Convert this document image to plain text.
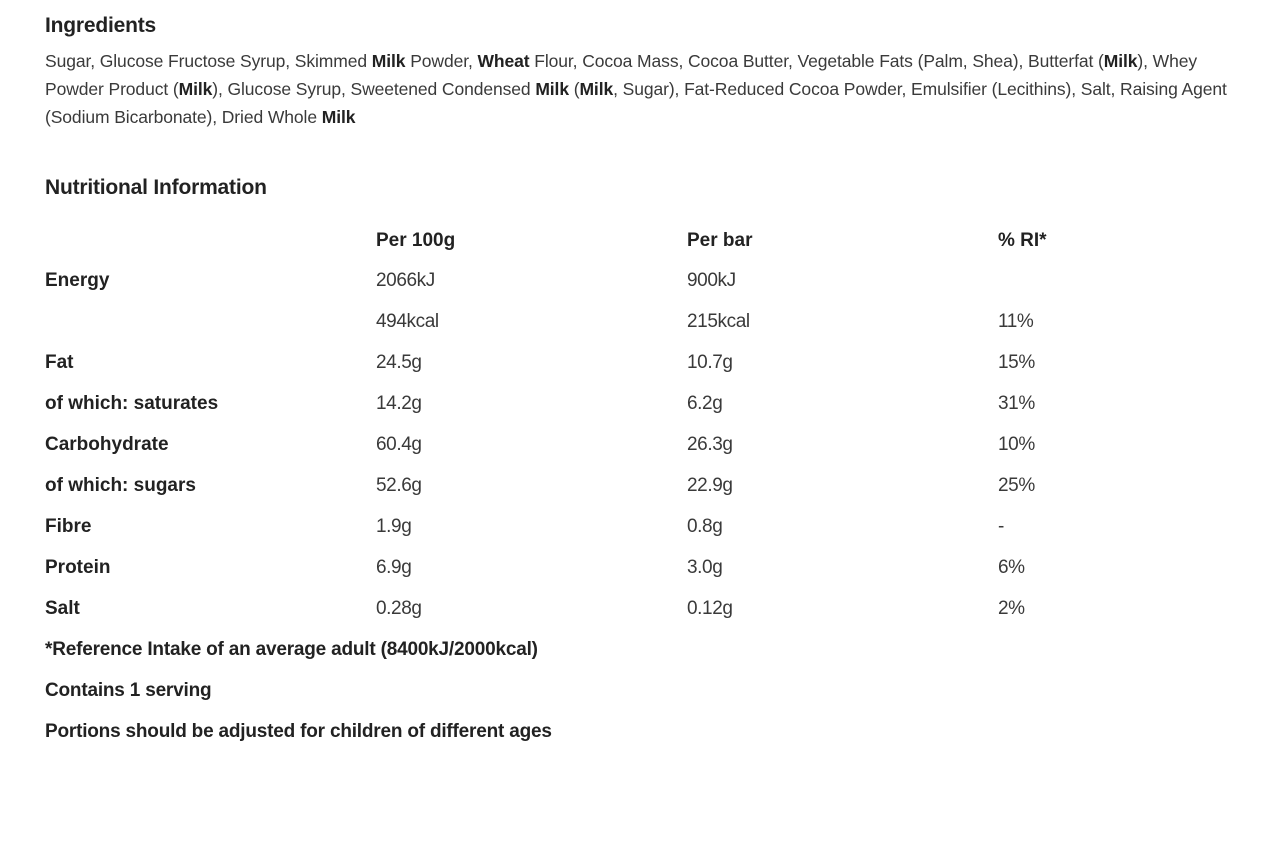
Ingredients

Sugar, Glucose Fructose Syrup, Skimmed Milk Powder, Wheat Flour, Cocoa Mass, Cocoa Butter, Vegetable Fats (Palm, Shea), Butterfat (Milk), Whey Powder Product (Milk), Glucose Syrup, Sweetened Condensed Milk (Milk, Sugar), Fat-Reduced Cocoa Powder, Emulsifier (Lecithins), Salt, Raising Agent (Sodium Bicarbonate), Dried Whole Milk

Nutritional Information
	Per 100g	Per bar	% RI*
Energy	2066kJ	900kJ	
	494kcal	215kcal	11%
Fat	24.5g	10.7g	15%
of which: saturates	14.2g	6.2g	31%
Carbohydrate	60.4g	26.3g	10%
of which: sugars	52.6g	22.9g	25%
Fibre	1.9g	0.8g	-
Protein	6.9g	3.0g	6%
Salt	0.28g	0.12g	2%
*Reference Intake of an average adult (8400kJ/2000kcal)
Contains 1 serving
Portions should be adjusted for children of different ages
